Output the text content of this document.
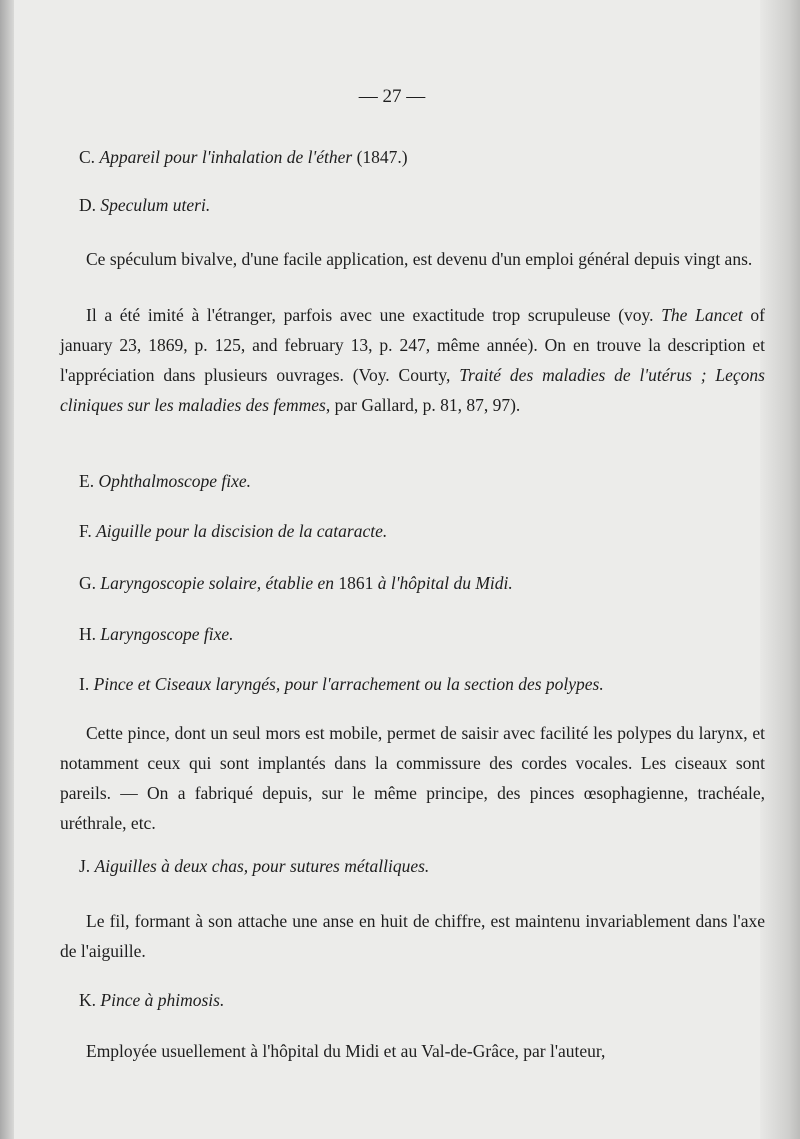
— 27 —
C. Appareil pour l'inhalation de l'éther (1847.)
D. Speculum uteri.

Ce spéculum bivalve, d'une facile application, est devenu d'un emploi général depuis vingt ans.

Il a été imité à l'étranger, parfois avec une exactitude trop scrupuleuse (voy. The Lancet of january 23, 1869, p. 125, and february 13, p. 247, même année). On en trouve la description et l'appréciation dans plusieurs ouvrages. (Voy. Courty, Traité des maladies de l'utérus ; Leçons cliniques sur les maladies des femmes, par Gallard, p. 81, 87, 97).

E. Ophthalmoscope fixe.
F. Aiguille pour la discision de la cataracte.
G. Laryngoscopie solaire, établie en 1861 à l'hôpital du Midi.
H. Laryngoscope fixe.
I. Pince et Ciseaux laryngés, pour l'arrachement ou la section des polypes.

Cette pince, dont un seul mors est mobile, permet de saisir avec facilité les polypes du larynx, et notamment ceux qui sont implantés dans la commissure des cordes vocales. Les ciseaux sont pareils. — On a fabriqué depuis, sur le même principe, des pinces œsophagienne, trachéale, uréthrale, etc.

J. Aiguilles à deux chas, pour sutures métalliques.

Le fil, formant à son attache une anse en huit de chiffre, est maintenu invariablement dans l'axe de l'aiguille.

K. Pince à phimosis.

Employée usuellement à l'hôpital du Midi et au Val-de-Grâce, par l'auteur,
